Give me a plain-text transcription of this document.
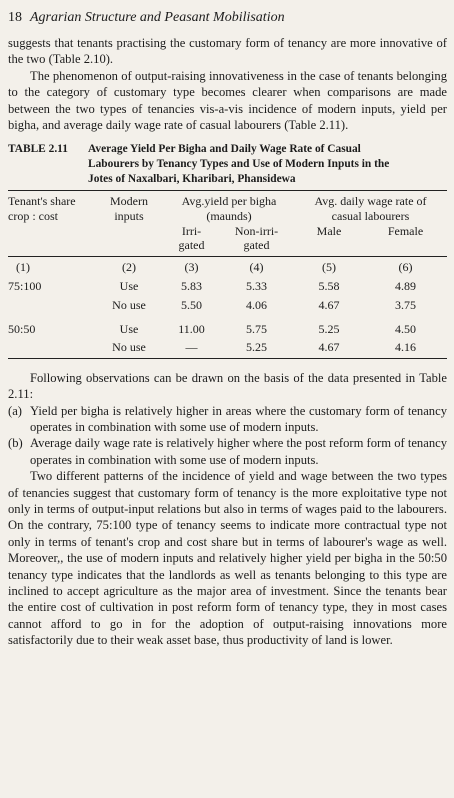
18 Agrarian Structure and Peasant Mobilisation

suggests that tenants practising the customary form of tenancy are more innovative of the two (Table 2.10).

The phenomenon of output-raising innovativeness in the case of tenants belonging to the category of customary type becomes clearer when comparisons are made between the two types of tenancies vis-a-vis incidence of modern inputs, yield per bigha, and average daily wage rate of casual labourers (Table 2.11).

TABLE 2.11 Average Yield Per Bigha and Daily Wage Rate of Casual
Labourers by Tenancy Types and Use of Modern Inputs in the
Jotes of Naxalbari, Kharibari, Phansidewa
Tenant's share	Modern	Avg.yield per bigha		Avg. daily wage rate of	
crop : cost	inputs	(maunds)		casual labourers	
		Irri-	Non-irri-	Male	Female
		gated	gated		
(1)	(2)	(3)	(4)	(5)	(6)
75:100	Use	5.83	5.33	5.58	4.89
	No use	5.50	4.06	4.67	3.75
50:50	Use	11.00	5.75	5.25	4.50
	No use	—	5.25	4.67	4.16

Following observations can be drawn on the basis of the data presented in Table 2.11:

(a) Yield per bigha is relatively higher in areas where the customary form of tenancy operates in combination with some use of modern inputs.
(b) Average daily wage rate is relatively higher where the post reform form of tenancy operates in combination with some use of modern inputs.

Two different patterns of the incidence of yield and wage between the two types of tenancies suggest that customary form of tenancy is the more exploitative type not only in terms of output-input relations but also in terms of wages paid to the labourers. On the contrary, 75:100 type of tenancy seems to indicate more contractual type not only in terms of tenant's crop and cost share but in terms of labourer's wage as well. Moreover,, the use of modern inputs and relatively higher yield per bigha in the 50:50 tenancy type indicates that the landlords as well as tenants belonging to this type are inclined to accept agriculture as the major area of investment. Since the tenants bear the entire cost of cultivation in post reform form of tenancy type, they in most cases cannot afford to go in for the adoption of output-raising innovations more satisfactorily due to their weak asset base, thus productivity of land is lower.
